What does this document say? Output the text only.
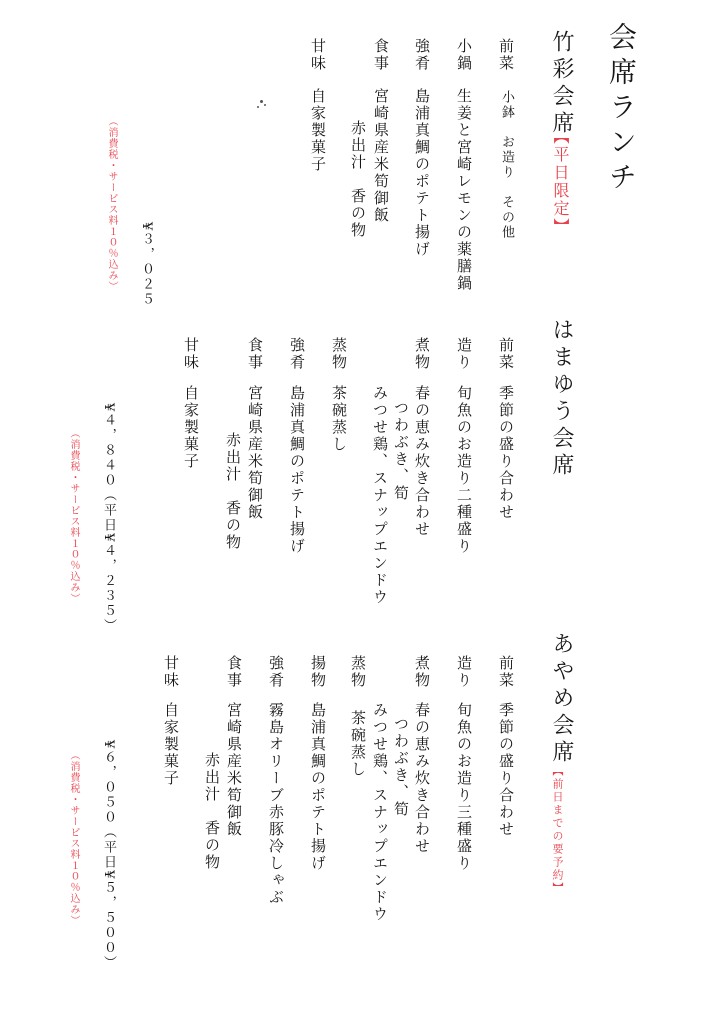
会席ランチ
竹彩会席
【平日限定】
前菜
小鉢　お造り　その他
小鍋
生姜と宮崎レモンの薬膳鍋
強肴
島浦真鯛のポテト揚げ
食事
宮崎県産米筍御飯
赤出汁　香の物
甘味
自家製菓子
¥３，０２５
（消費税・サービス料１０％込み）
はまゆう会席
前菜
季節の盛り合わせ
造り
旬魚のお造り二種盛り
煮物
春の恵み炊き合わせ
つわぶき、筍
みつせ鶏、スナップエンドウ
蒸物
茶碗蒸し
強肴
島浦真鯛のポテト揚げ
食事
宮崎県産米筍御飯
赤出汁　香の物
甘味
自家製菓子
¥４，８４０（平日¥４，２３５）
（消費税・サービス料１０％込み）
あやめ会席
【前日までの要予約】
前菜
季節の盛り合わせ
造り
旬魚のお造り三種盛り
煮物
春の恵み炊き合わせ
つわぶき、筍
みつせ鶏、スナップエンドウ
蒸物
茶碗蒸し
揚物
島浦真鯛のポテト揚げ
強肴
霧島オリーブ赤豚冷しゃぶ
食事
宮崎県産米筍御飯
赤出汁　香の物
甘味
自家製菓子
¥６，０５０（平日¥５，５００）
（消費税・サービス料１０％込み）
